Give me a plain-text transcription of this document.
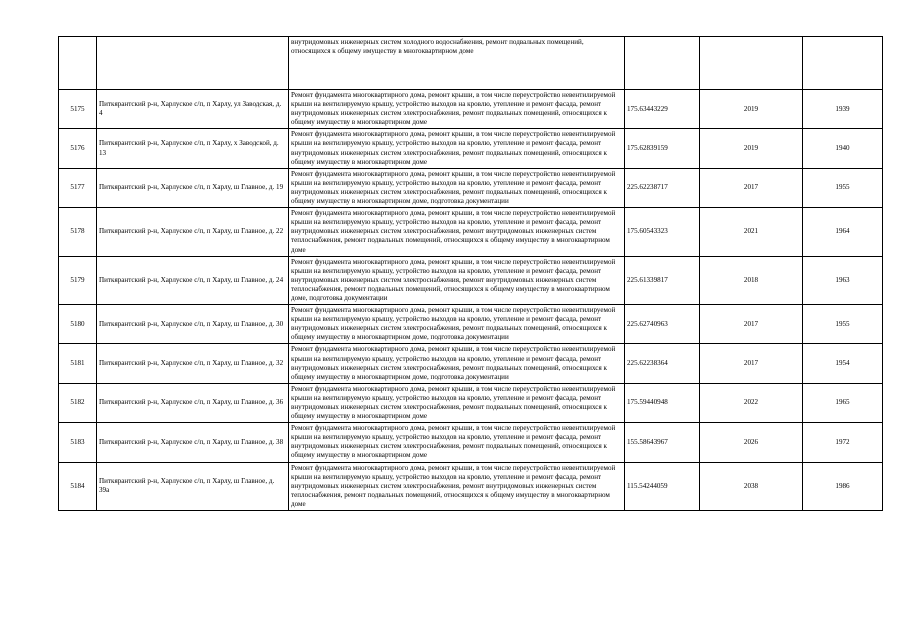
		внутридомовых инженерных систем холодного водоснабжения, ремонт подвальных помещений, относящихся к общему имуществу в многоквартирном доме			
5175	Питкярантский р-н, Харлуское с/п, п Харлу, ул Заводская, д. 4	Ремонт фундамента многоквартирного дома, ремонт крыши, в том числе переустройство невентилируемой крыши на вентилируемую крышу, устройство выходов на кровлю, утепление и ремонт фасада, ремонт внутридомовых инженерных систем электроснабжения, ремонт подвальных помещений, относящихся к общему имуществу в многоквартирном доме	175.63443229	2019	1939
5176	Питкярантский р-н, Харлуское с/п, п Харлу, х Заводской, д. 13	Ремонт фундамента многоквартирного дома, ремонт крыши, в том числе переустройство невентилируемой крыши на вентилируемую крышу, устройство выходов на кровлю, утепление и ремонт фасада, ремонт внутридомовых инженерных систем электроснабжения, ремонт подвальных помещений, относящихся к общему имуществу в многоквартирном доме	175.62839159	2019	1940
5177	Питкярантский р-н, Харлуское с/п, п Харлу, ш Главное, д. 19	Ремонт фундамента многоквартирного дома, ремонт крыши, в том числе переустройство невентилируемой крыши на вентилируемую крышу, устройство выходов на кровлю, утепление и ремонт фасада, ремонт внутридомовых инженерных систем электроснабжения, ремонт подвальных помещений, относящихся к общему имуществу в многоквартирном доме, подготовка документации	225.62238717	2017	1955
5178	Питкярантский р-н, Харлуское с/п, п Харлу, ш Главное, д. 22	Ремонт фундамента многоквартирного дома, ремонт крыши, в том числе переустройство невентилируемой крыши на вентилируемую крышу, устройство выходов на кровлю, утепление и ремонт фасада, ремонт внутридомовых инженерных систем электроснабжения, ремонт внутридомовых инженерных систем теплоснабжения, ремонт подвальных помещений, относящихся к общему имуществу в многоквартирном доме	175.60543323	2021	1964
5179	Питкярантский р-н, Харлуское с/п, п Харлу, ш Главное, д. 24	Ремонт фундамента многоквартирного дома, ремонт крыши, в том числе переустройство невентилируемой крыши на вентилируемую крышу, устройство выходов на кровлю, утепление и ремонт фасада, ремонт внутридомовых инженерных систем электроснабжения, ремонт внутридомовых инженерных систем теплоснабжения, ремонт подвальных помещений, относящихся к общему имуществу в многоквартирном доме, подготовка документации	225.61339817	2018	1963
5180	Питкярантский р-н, Харлуское с/п, п Харлу, ш Главное, д. 30	Ремонт фундамента многоквартирного дома, ремонт крыши, в том числе переустройство невентилируемой крыши на вентилируемую крышу, устройство выходов на кровлю, утепление и ремонт фасада, ремонт внутридомовых инженерных систем электроснабжения, ремонт подвальных помещений, относящихся к общему имуществу в многоквартирном доме, подготовка документации	225.62740963	2017	1955
5181	Питкярантский р-н, Харлуское с/п, п Харлу, ш Главное, д. 32	Ремонт фундамента многоквартирного дома, ремонт крыши, в том числе переустройство невентилируемой крыши на вентилируемую крышу, устройство выходов на кровлю, утепление и ремонт фасада, ремонт внутридомовых инженерных систем электроснабжения, ремонт подвальных помещений, относящихся к общему имуществу в многоквартирном доме, подготовка документации	225.62238364	2017	1954
5182	Питкярантский р-н, Харлуское с/п, п Харлу, ш Главное, д. 36	Ремонт фундамента многоквартирного дома, ремонт крыши, в том числе переустройство невентилируемой крыши на вентилируемую крышу, устройство выходов на кровлю, утепление и ремонт фасада, ремонт внутридомовых инженерных систем электроснабжения, ремонт подвальных помещений, относящихся к общему имуществу в многоквартирном доме	175.59440948	2022	1965
5183	Питкярантский р-н, Харлуское с/п, п Харлу, ш Главное, д. 38	Ремонт фундамента многоквартирного дома, ремонт крыши, в том числе переустройство невентилируемой крыши на вентилируемую крышу, устройство выходов на кровлю, утепление и ремонт фасада, ремонт внутридомовых инженерных систем электроснабжения, ремонт подвальных помещений, относящихся к общему имуществу в многоквартирном доме	155.58643967	2026	1972
5184	Питкярантский р-н, Харлуское с/п, п Харлу, ш Главное, д. 39а	Ремонт фундамента многоквартирного дома, ремонт крыши, в том числе переустройство невентилируемой крыши на вентилируемую крышу, устройство выходов на кровлю, утепление и ремонт фасада, ремонт внутридомовых инженерных систем электроснабжения, ремонт внутридомовых инженерных систем теплоснабжения, ремонт подвальных помещений, относящихся к общему имуществу в многоквартирном доме	115.54244059	2038	1986
